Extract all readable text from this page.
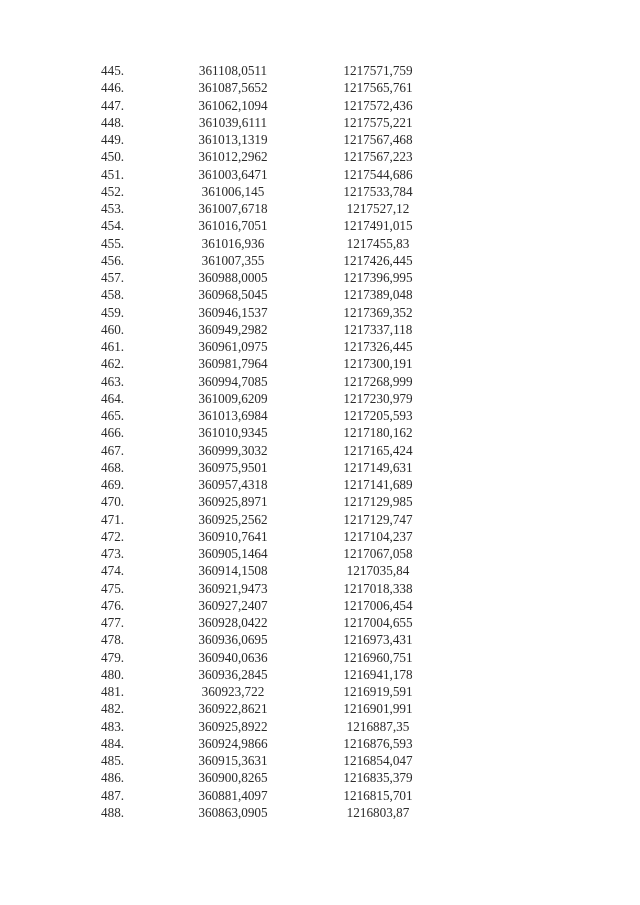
445.	361108,0511	1217571,759
446.	361087,5652	1217565,761
447.	361062,1094	1217572,436
448.	361039,6111	1217575,221
449.	361013,1319	1217567,468
450.	361012,2962	1217567,223
451.	361003,6471	1217544,686
452.	361006,145	1217533,784
453.	361007,6718	1217527,12
454.	361016,7051	1217491,015
455.	361016,936	1217455,83
456.	361007,355	1217426,445
457.	360988,0005	1217396,995
458.	360968,5045	1217389,048
459.	360946,1537	1217369,352
460.	360949,2982	1217337,118
461.	360961,0975	1217326,445
462.	360981,7964	1217300,191
463.	360994,7085	1217268,999
464.	361009,6209	1217230,979
465.	361013,6984	1217205,593
466.	361010,9345	1217180,162
467.	360999,3032	1217165,424
468.	360975,9501	1217149,631
469.	360957,4318	1217141,689
470.	360925,8971	1217129,985
471.	360925,2562	1217129,747
472.	360910,7641	1217104,237
473.	360905,1464	1217067,058
474.	360914,1508	1217035,84
475.	360921,9473	1217018,338
476.	360927,2407	1217006,454
477.	360928,0422	1217004,655
478.	360936,0695	1216973,431
479.	360940,0636	1216960,751
480.	360936,2845	1216941,178
481.	360923,722	1216919,591
482.	360922,8621	1216901,991
483.	360925,8922	1216887,35
484.	360924,9866	1216876,593
485.	360915,3631	1216854,047
486.	360900,8265	1216835,379
487.	360881,4097	1216815,701
488.	360863,0905	1216803,87
